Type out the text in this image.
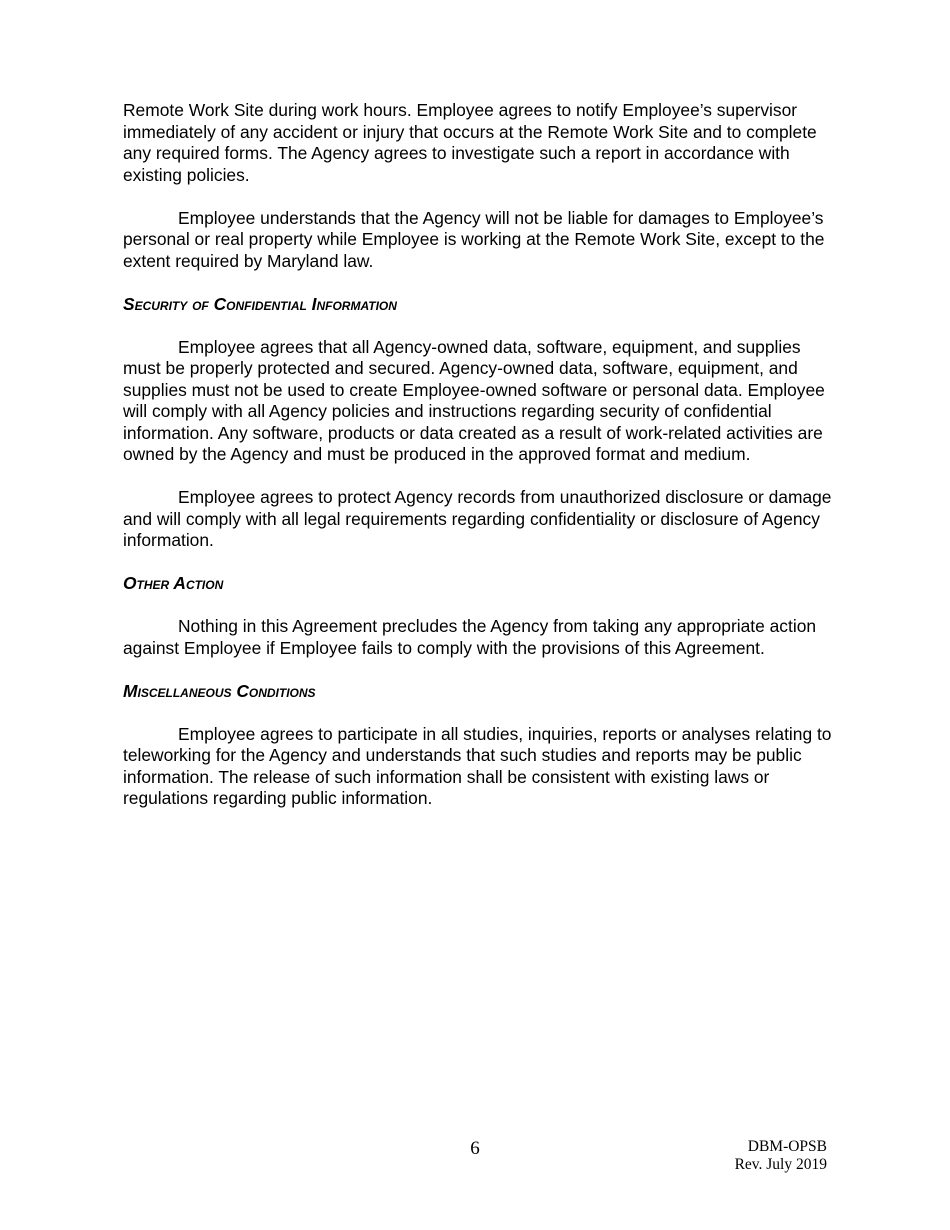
Remote Work Site during work hours. Employee agrees to notify Employee’s supervisor immediately of any accident or injury that occurs at the Remote Work Site and to complete any required forms. The Agency agrees to investigate such a report in accordance with existing policies.

Employee understands that the Agency will not be liable for damages to Employee’s personal or real property while Employee is working at the Remote Work Site, except to the extent required by Maryland law.

Security of Confidential Information

Employee agrees that all Agency-owned data, software, equipment, and supplies must be properly protected and secured. Agency-owned data, software, equipment, and supplies must not be used to create Employee-owned software or personal data. Employee will comply with all Agency policies and instructions regarding security of confidential information. Any software, products or data created as a result of work-related activities are owned by the Agency and must be produced in the approved format and medium.

Employee agrees to protect Agency records from unauthorized disclosure or damage and will comply with all legal requirements regarding confidentiality or disclosure of Agency information.

Other Action

Nothing in this Agreement precludes the Agency from taking any appropriate action against Employee if Employee fails to comply with the provisions of this Agreement.

Miscellaneous Conditions

Employee agrees to participate in all studies, inquiries, reports or analyses relating to teleworking for the Agency and understands that such studies and reports may be public information. The release of such information shall be consistent with existing laws or regulations regarding public information.

6	DBM-OPSB
Rev. July 2019
